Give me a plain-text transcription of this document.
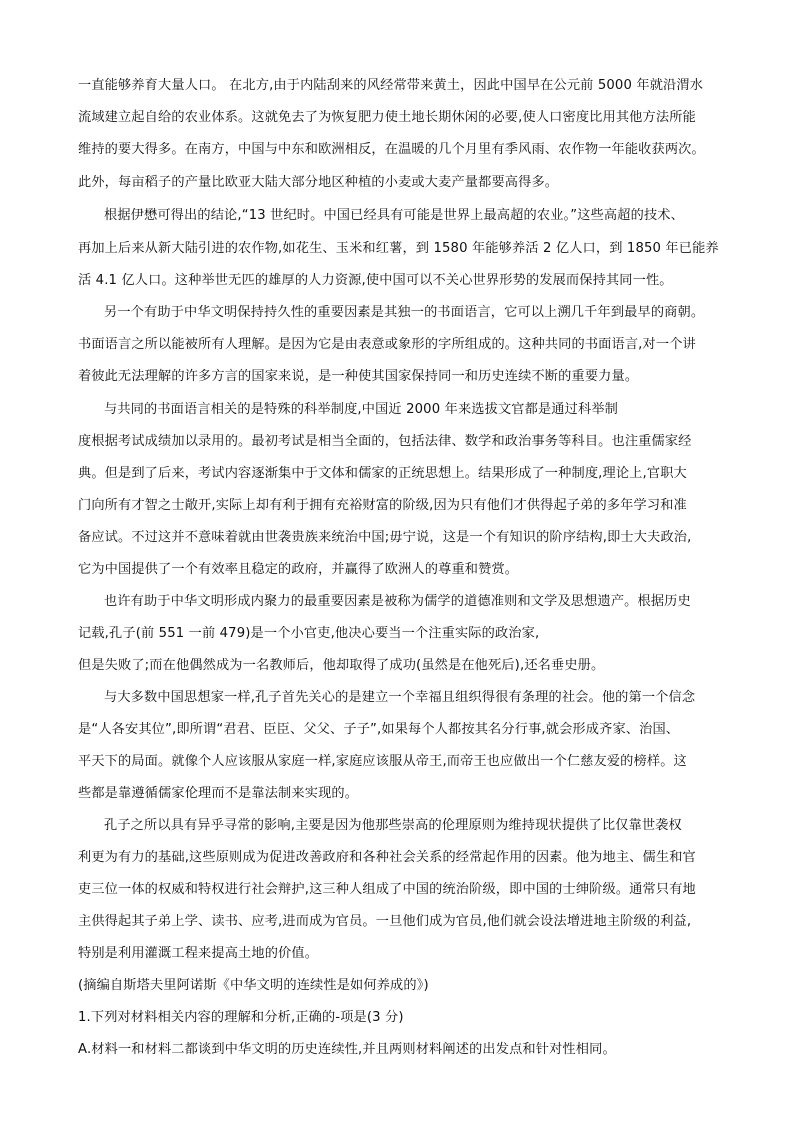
一直能够养育大量人口。 在北方,由于内陆刮来的风经常带来黄土，因此中国早在公元前 5000 年就沿渭水
流域建立起自给的农业体系。这就免去了为恢复肥力使土地长期休闲的必要,使人口密度比用其他方法所能
维持的要大得多。在南方，中国与中东和欧洲相反，在温暖的几个月里有季风雨、农作物一年能收获两次。
此外，每亩稻子的产量比欧亚大陆大部分地区种植的小麦或大麦产量都要高得多。
根据伊懋可得出的结论,“13 世纪时。中国已经具有可能是世界上最高超的农业。”这些高超的技术、
再加上后来从新大陆引进的农作物,如花生、玉米和红薯，到 1580 年能够养活 2 亿人口，到 1850 年已能养
活 4.1 亿人口。这种举世无匹的雄厚的人力资源,使中国可以不关心世界形势的发展而保持其同一性。
另一个有助于中华文明保持持久性的重要因素是其独一的书面语言，它可以上溯几千年到最早的商朝。
书面语言之所以能被所有人理解。是因为它是由表意或象形的字所组成的。这种共同的书面语言,对一个讲
着彼此无法理解的许多方言的国家来说，是一种使其国家保持同一和历史连续不断的重要力量。
与共同的书面语言相关的是特殊的科举制度,中国近 2000 年来选拔文官都是通过科举制
度根据考试成绩加以录用的。最初考试是相当全面的，包括法律、数学和政治事务等科目。也注重儒家经
典。但是到了后来，考试内容逐渐集中于文体和儒家的正统思想上。结果形成了一种制度,理论上,官职大
门向所有才智之士敞开,实际上却有利于拥有充裕财富的阶级,因为只有他们才供得起子弟的多年学习和准
备应试。不过这并不意味着就由世袭贵族来统治中国;毋宁说，这是一个有知识的阶序结构,即士大夫政治,
它为中国提供了一个有效率且稳定的政府，并赢得了欧洲人的尊重和赞赏。
也许有助于中华文明形成内聚力的最重要因素是被称为儒学的道德准则和文学及思想遗产。根据历史
记载,孔子(前 551 一前 479)是一个小官吏,他决心要当一个注重实际的政治家,
但是失败了;而在他偶然成为一名教师后，他却取得了成功(虽然是在他死后),还名垂史册。
与大多数中国思想家一样,孔子首先关心的是建立一个幸福且组织得很有条理的社会。他的第一个信念
是“人各安其位”,即所谓“君君、臣臣、父父、子子”,如果每个人都按其名分行事,就会形成齐家、治国、
平天下的局面。就像个人应该服从家庭一样,家庭应该服从帝王,而帝王也应做出一个仁慈友爱的榜样。这
些都是靠遵循儒家伦理而不是靠法制来实现的。
孔子之所以具有异乎寻常的影响,主要是因为他那些崇高的伦理原则为维持现状提供了比仅靠世袭权
利更为有力的基础,这些原则成为促进改善政府和各种社会关系的经常起作用的因素。他为地主、儒生和官
吏三位一体的权威和特权进行社会辩护,这三种人组成了中国的统治阶级，即中国的士绅阶级。通常只有地
主供得起其子弟上学、读书、应考,进而成为官员。一旦他们成为官员,他们就会设法增进地主阶级的利益,
特别是利用灌溉工程来提高土地的价值。
(摘编自斯塔夫里阿诺斯《中华文明的连续性是如何养成的》)
1.下列对材料相关内容的理解和分析,正确的-项是(3 分)
A.材料一和材料二都谈到中华文明的历史连续性,并且两则材料阐述的出发点和针对性相同。
